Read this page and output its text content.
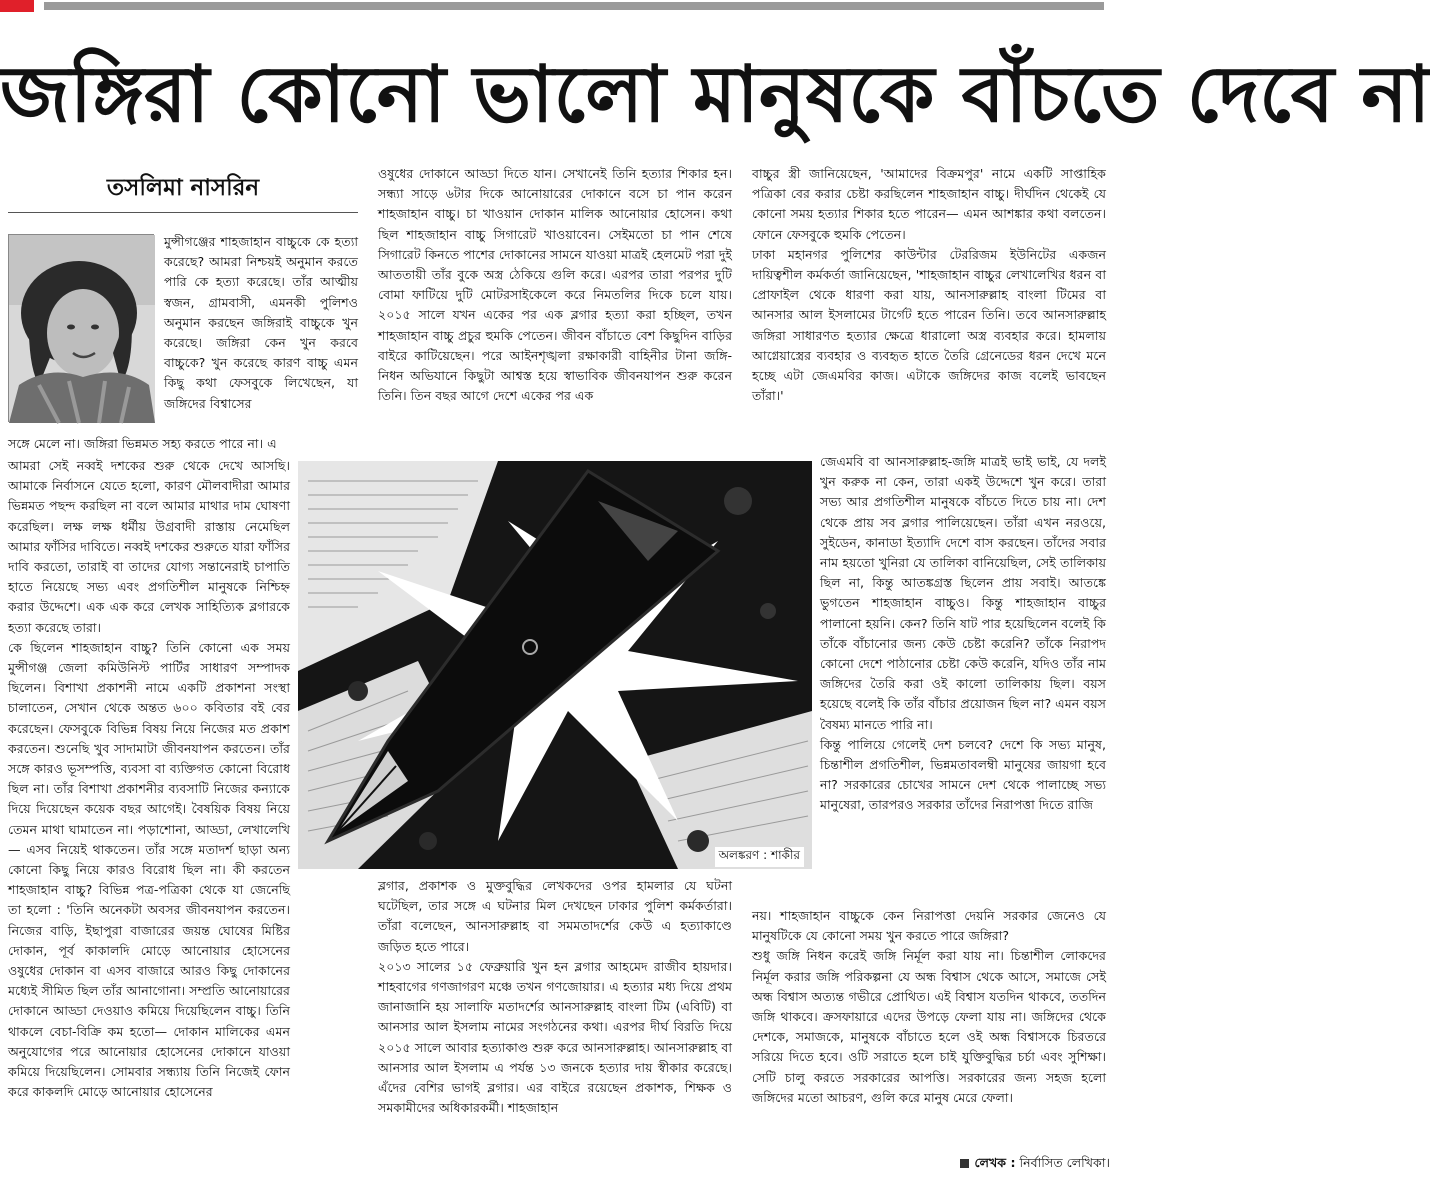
জঙ্গিরা কোনো ভালো মানুষকে বাঁচতে দেবে না
তসলিমা নাসরিন

মুন্সীগঞ্জের শাহজাহান বাচ্চুকে কে হত্যা করেছে? আমরা নিশ্চয়ই অনুমান করতে পারি কে হত্যা করেছে। তাঁর আত্মীয় স্বজন, গ্রামবাসী, এমনকী পুলিশও অনুমান করছেন জঙ্গিরাই বাচ্চুকে খুন করেছে। জঙ্গিরা কেন খুন করবে বাচ্চুকে? খুন করেছে কারণ বাচ্চু এমন কিছু কথা ফেসবুকে লিখেছেন, যা জঙ্গিদের বিশ্বাসের

সঙ্গে মেলে না। জঙ্গিরা ভিন্নমত সহ্য করতে পারে না। এ

আমরা সেই নব্বই দশকের শুরু থেকে দেখে আসছি। আমাকে নির্বাসনে যেতে হলো, কারণ মৌলবাদীরা আমার ভিন্নমত পছন্দ করছিল না বলে আমার মাথার দাম ঘোষণা করেছিল। লক্ষ লক্ষ ধর্মীয় উগ্রবাদী রাস্তায় নেমেছিল আমার ফাঁসির দাবিতে। নব্বই দশকের শুরুতে যারা ফাঁসির দাবি করতো, তারাই বা তাদের যোগ্য সন্তানেরাই চাপাতি হাতে নিয়েছে সভ্য এবং প্রগতিশীল মানুষকে নিশ্চিহ্ন করার উদ্দেশে। এক এক করে লেখক সাহিত্যিক ব্লগারকে হত্যা করেছে তারা।

কে ছিলেন শাহজাহান বাচ্চু? তিনি কোনো এক সময় মুন্সীগঞ্জ জেলা কমিউনিস্ট পার্টির সাধারণ সম্পাদক ছিলেন। বিশাখা প্রকাশনী নামে একটি প্রকাশনা সংস্থা চালাতেন, সেখান থেকে অন্তত ৬০০ কবিতার বই বের করেছেন। ফেসবুকে বিভিন্ন বিষয় নিয়ে নিজের মত প্রকাশ করতেন। শুনেছি খুব সাদামাটা জীবনযাপন করতেন। তাঁর সঙ্গে কারও ভূসম্পত্তি, ব্যবসা বা ব্যক্তিগত কোনো বিরোধ ছিল না। তাঁর বিশাখা প্রকাশনীর ব্যবসাটি নিজের কন্যাকে দিয়ে দিয়েছেন কয়েক বছর আগেই। বৈষয়িক বিষয় নিয়ে তেমন মাথা ঘামাতেন না। পড়াশোনা, আড্ডা, লেখালেখি— এসব নিয়েই থাকতেন। তাঁর সঙ্গে মতাদর্শ ছাড়া অন্য কোনো কিছু নিয়ে কারও বিরোধ ছিল না। কী করতেন শাহজাহান বাচ্চু? বিভিন্ন পত্র-পত্রিকা থেকে যা জেনেছি তা হলো : 'তিনি অনেকটা অবসর জীবনযাপন করতেন। নিজের বাড়ি, ইছাপুরা বাজারের জয়ন্ত ঘোষের মিষ্টির দোকান, পূর্ব কাকালদি মোড়ে আনোয়ার হোসেনের ওষুধের দোকান বা এসব বাজারে আরও কিছু দোকানের মধ্যেই সীমিত ছিল তাঁর আনাগোনা। সম্প্রতি আনোয়ারের দোকানে আড্ডা দেওয়াও কমিয়ে দিয়েছিলেন বাচ্চু। তিনি থাকলে বেচা-বিক্রি কম হতো— দোকান মালিকের এমন অনুযোগের পরে আনোয়ার হোসেনের দোকানে যাওয়া কমিয়ে দিয়েছিলেন। সোমবার সন্ধ্যায় তিনি নিজেই ফোন করে কাকলদি মোড়ে আনোয়ার হোসেনের

ওষুধের দোকানে আড্ডা দিতে যান। সেখানেই তিনি হত্যার শিকার হন। সন্ধ্যা সাড়ে ৬টার দিকে আনোয়ারের দোকানে বসে চা পান করেন শাহজাহান বাচ্চু। চা খাওয়ান দোকান মালিক আনোয়ার হোসেন। কথা ছিল শাহজাহান বাচ্চু সিগারেট খাওয়াবেন। সেইমতো চা পান শেষে সিগারেট কিনতে পাশের দোকানের সামনে যাওয়া মাত্রই হেলমেট পরা দুই আততায়ী তাঁর বুকে অস্ত্র ঠেকিয়ে গুলি করে। এরপর তারা পরপর দুটি বোমা ফাটিয়ে দুটি মোটরসাইকেলে করে নিমতলির দিকে চলে যায়। ২০১৫ সালে যখন একের পর এক ব্লগার হত্যা করা হচ্ছিল, তখন শাহজাহান বাচ্চু প্রচুর হুমকি পেতেন। জীবন বাঁচাতে বেশ কিছুদিন বাড়ির বাইরে কাটিয়েছেন। পরে আইনশৃঙ্খলা রক্ষাকারী বাহিনীর টানা জঙ্গি-নিধন অভিযানে কিছুটা আশ্বস্ত হয়ে স্বাভাবিক জীবনযাপন শুরু করেন তিনি। তিন বছর আগে দেশে একের পর এক

ব্লগার, প্রকাশক ও মুক্তবুদ্ধির লেখকদের ওপর হামলার যে ঘটনা ঘটেছিল, তার সঙ্গে এ ঘটনার মিল দেখছেন ঢাকার পুলিশ কর্মকর্তারা। তাঁরা বলেছেন, আনসারুল্লাহ বা সমমতাদর্শের কেউ এ হত্যাকাণ্ডে জড়িত হতে পারে।

২০১৩ সালের ১৫ ফেব্রুয়ারি খুন হন ব্লগার আহমেদ রাজীব হায়দার। শাহবাগের গণজাগরণ মঞ্চে তখন গণজোয়ার। এ হত্যার মধ্য দিয়ে প্রথম জানাজানি হয় সালাফি মতাদর্শের আনসারুল্লাহ বাংলা টিম (এবিটি) বা আনসার আল ইসলাম নামের সংগঠনের কথা। এরপর দীর্ঘ বিরতি দিয়ে ২০১৫ সালে আবার হত্যাকাণ্ড শুরু করে আনসারুল্লাহ। আনসারুল্লাহ বা আনসার আল ইসলাম এ পর্যন্ত ১৩ জনকে হত্যার দায় স্বীকার করেছে। এঁদের বেশির ভাগই ব্লগার। এর বাইরে রয়েছেন প্রকাশক, শিক্ষক ও সমকামীদের অধিকারকর্মী। শাহজাহান

বাচ্চুর স্ত্রী জানিয়েছেন, 'আমাদের বিক্রমপুর' নামে একটি সাপ্তাহিক পত্রিকা বের করার চেষ্টা করছিলেন শাহজাহান বাচ্চু। দীর্ঘদিন থেকেই যে কোনো সময় হত্যার শিকার হতে পারেন— এমন আশঙ্কার কথা বলতেন। ফোনে ফেসবুকে হুমকি পেতেন।

ঢাকা মহানগর পুলিশের কাউন্টার টেররিজম ইউনিটের একজন দায়িত্বশীল কর্মকর্তা জানিয়েছেন, 'শাহজাহান বাচ্চুর লেখালেখির ধরন বা প্রোফাইল থেকে ধারণা করা যায়, আনসারুল্লাহ বাংলা টিমের বা আনসার আল ইসলামের টার্গেট হতে পারেন তিনি। তবে আনসারুল্লাহ জঙ্গিরা সাধারণত হত্যার ক্ষেত্রে ধারালো অস্ত্র ব্যবহার করে। হামলায় আগ্নেয়াস্ত্রের ব্যবহার ও ব্যবহৃত হাতে তৈরি গ্রেনেডের ধরন দেখে মনে হচ্ছে এটা জেএমবির কাজ। এটাকে জঙ্গিদের কাজ বলেই ভাবছেন তাঁরা।'

জেএমবি বা আনসারুল্লাহ-জঙ্গি মাত্রই ভাই ভাই, যে দলই খুন করুক না কেন, তারা একই উদ্দেশে খুন করে। তারা সভ্য আর প্রগতিশীল মানুষকে বাঁচতে দিতে চায় না। দেশ থেকে প্রায় সব ব্লগার পালিয়েছেন। তাঁরা এখন নরওয়ে, সুইডেন, কানাডা ইত্যাদি দেশে বাস করছেন। তাঁদের সবার নাম হয়তো খুনিরা যে তালিকা বানিয়েছিল, সেই তালিকায় ছিল না, কিন্তু আতঙ্কগ্রস্ত ছিলেন প্রায় সবাই। আতঙ্কে ভুগতেন শাহজাহান বাচ্চুও। কিন্তু শাহজাহান বাচ্চুর পালানো হয়নি। কেন? তিনি ষাট পার হয়েছিলেন বলেই কি তাঁকে বাঁচানোর জন্য কেউ চেষ্টা করেনি? তাঁকে নিরাপদ কোনো দেশে পাঠানোর চেষ্টা কেউ করেনি, যদিও তাঁর নাম জঙ্গিদের তৈরি করা ওই কালো তালিকায় ছিল। বয়স হয়েছে বলেই কি তাঁর বাঁচার প্রয়োজন ছিল না? এমন বয়স বৈষম্য মানতে পারি না।

কিন্তু পালিয়ে গেলেই দেশ চলবে? দেশে কি সভ্য মানুষ, চিন্তাশীল প্রগতিশীল, ভিন্নমতাবলম্বী মানুষের জায়গা হবে না? সরকারের চোখের সামনে দেশ থেকে পালাচ্ছে সভ্য মানুষেরা, তারপরও সরকার তাঁদের নিরাপত্তা দিতে রাজি

নয়। শাহজাহান বাচ্চুকে কেন নিরাপত্তা দেয়নি সরকার জেনেও যে মানুষটিকে যে কোনো সময় খুন করতে পারে জঙ্গিরা?

শুধু জঙ্গি নিধন করেই জঙ্গি নির্মূল করা যায় না। চিন্তাশীল লোকদের নির্মূল করার জঙ্গি পরিকল্পনা যে অন্ধ বিশ্বাস থেকে আসে, সমাজে সেই অন্ধ বিশ্বাস অত্যন্ত গভীরে প্রোথিত। এই বিশ্বাস যতদিন থাকবে, ততদিন জঙ্গি থাকবে। ক্রসফায়ারে এদের উপড়ে ফেলা যায় না। জঙ্গিদের থেকে দেশকে, সমাজকে, মানুষকে বাঁচাতে হলে ওই অন্ধ বিশ্বাসকে চিরতরে সরিয়ে দিতে হবে। ওটি সরাতে হলে চাই যুক্তিবুদ্ধির চর্চা এবং সুশিক্ষা। সেটি চালু করতে সরকারের আপত্তি। সরকারের জন্য সহজ হলো জঙ্গিদের মতো আচরণ, গুলি করে মানুষ মেরে ফেলা।

অলঙ্করণ : শাকীর
লেখক : নির্বাসিত লেখিকা।
